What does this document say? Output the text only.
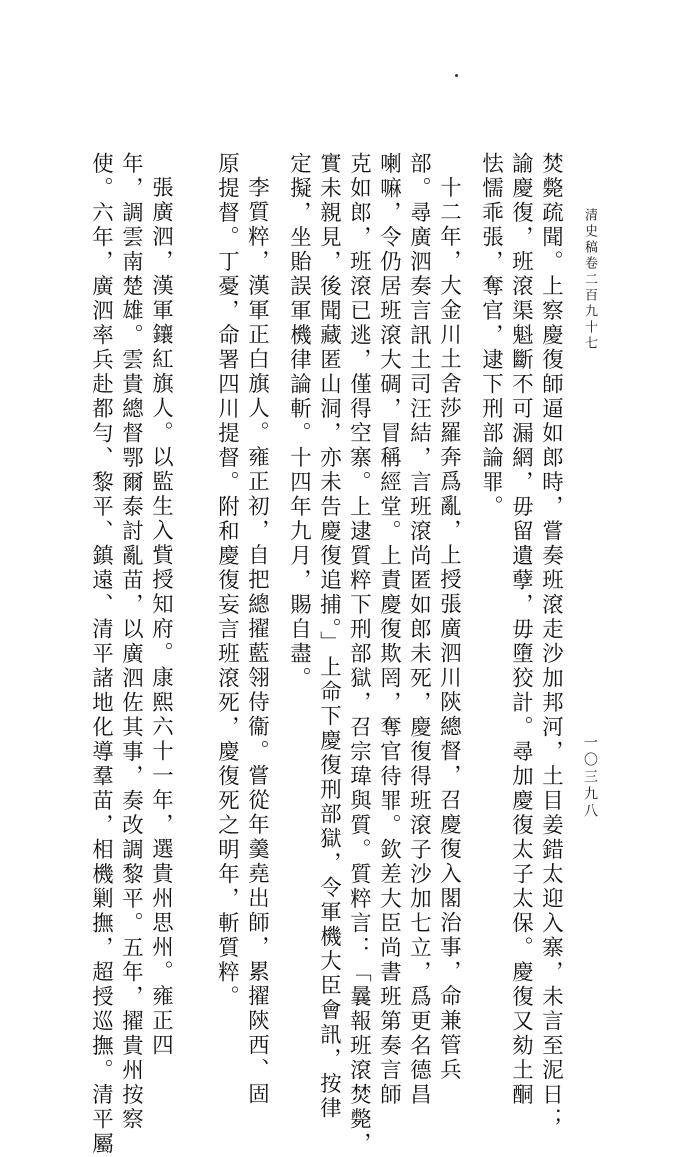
清史稿卷二百九十七
一〇三九八
焚斃疏聞。上察慶復師逼如郎時，嘗奏班滾走沙加邦河，土目姜錯太迎入寨，未言至泥日；
諭慶復，班滾渠魁斷不可漏網，毋留遺孽，毋墮狡計。尋加慶復太子太保。慶復又劾土酮
怯懦乖張，奪官，逮下刑部論罪。
十二年，大金川土舍莎羅奔爲亂，上授張廣泗川陝總督，召慶復入閣治事，命兼管兵
部。尋廣泗奏言訊土司汪結，言班滾尚匿如郎未死，慶復得班滾子沙加七立，爲更名德昌
喇嘛，令仍居班滾大碉，冒稱經堂。上責慶復欺罔，奪官待罪。欽差大臣尚書班第奏言師
克如郎，班滾已逃，僅得空寨。上逮質粹下刑部獄，召宗瑋與質。質粹言：「曩報班滾焚斃，
實未親見，後聞藏匿山洞，亦未告慶復追捕。」上命下慶復刑部獄，令軍機大臣會訊，按律
定擬，坐貽誤軍機律論斬。十四年九月，賜自盡。
李質粹，漢軍正白旗人。雍正初，自把總擢藍翎侍衞。嘗從年羹堯出師，累擢陝西、固
原提督。丁憂，命署四川提督。附和慶復妄言班滾死，慶復死之明年，斬質粹。
張廣泗，漢軍鑲紅旗人。以監生入貲授知府。康熙六十一年，選貴州思州。雍正四
年，調雲南楚雄。雲貴總督鄂爾泰討亂苗，以廣泗佐其事，奏改調黎平。五年，擢貴州按察
使。六年，廣泗率兵赴都勻、黎平、鎮遠、清平諸地化導羣苗，相機剿撫，超授巡撫。清平屬
